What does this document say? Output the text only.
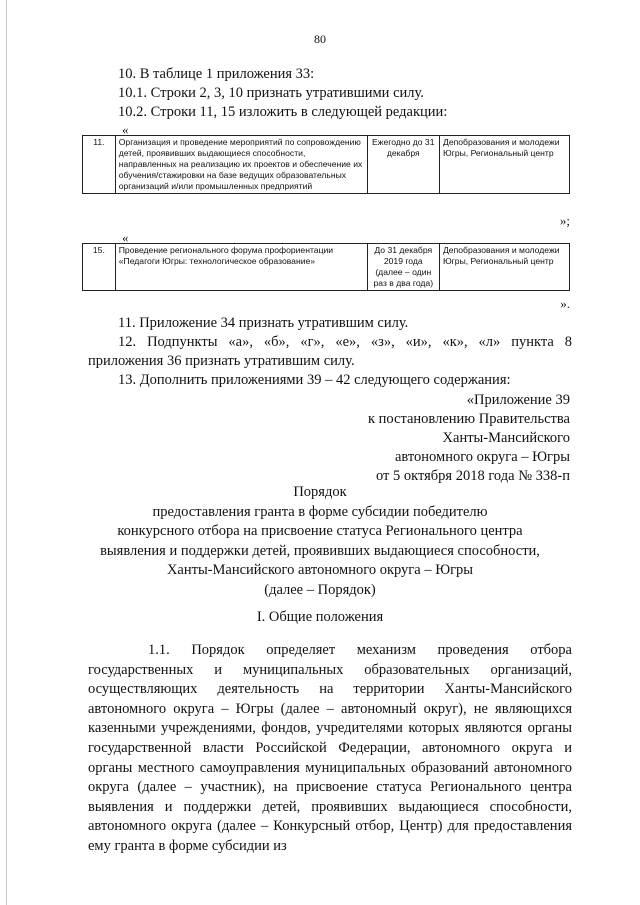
80
10. В таблице 1 приложения 33:
10.1. Строки 2, 3, 10 признать утратившими силу.
10.2. Строки 11, 15 изложить в следующей редакции:
«
11.	Организация и проведение мероприятий по сопровождению детей, проявивших выдающиеся способности, направленных на реализацию их проектов и обеспечение их обучения/стажировки на базе ведущих образовательных организаций и/или промышленных предприятий	Ежегодно до 31 декабря	Депобразования и молодежи Югры, Региональный центр
»;
«
15.	Проведение регионального форума профориентации «Педагоги Югры: технологическое образование»	До 31 декабря 2019 года (далее – один раз в два года)	Депобразования и молодежи Югры, Региональный центр
».
11. Приложение 34 признать утратившим силу.
12. Подпункты «а», «б», «г», «е», «з», «и», «к», «л» пункта 8
приложения 36 признать утратившим силу.
13. Дополнить приложениями 39 – 42 следующего содержания:
«Приложение 39
к постановлению Правительства
Ханты-Мансийского
автономного округа – Югры
от 5 октября 2018 года № 338-п
Порядок
предоставления гранта в форме субсидии победителю
конкурсного отбора на присвоение статуса Регионального центра
выявления и поддержки детей, проявивших выдающиеся способности,
Ханты-Мансийского автономного округа – Югры
(далее – Порядок)
I. Общие положения
1.1. Порядок определяет механизм проведения отбора государственных и муниципальных образовательных организаций, осуществляющих деятельность на территории Ханты-Мансийского автономного округа – Югры (далее – автономный округ), не являющихся казенными учреждениями, фондов, учредителями которых являются органы государственной власти Российской Федерации, автономного округа и органы местного самоуправления муниципальных образований автономного округа (далее – участник), на присвоение статуса Регионального центра выявления и поддержки детей, проявивших выдающиеся способности, автономного округа (далее – Конкурсный отбор, Центр) для предоставления ему гранта в форме субсидии из
